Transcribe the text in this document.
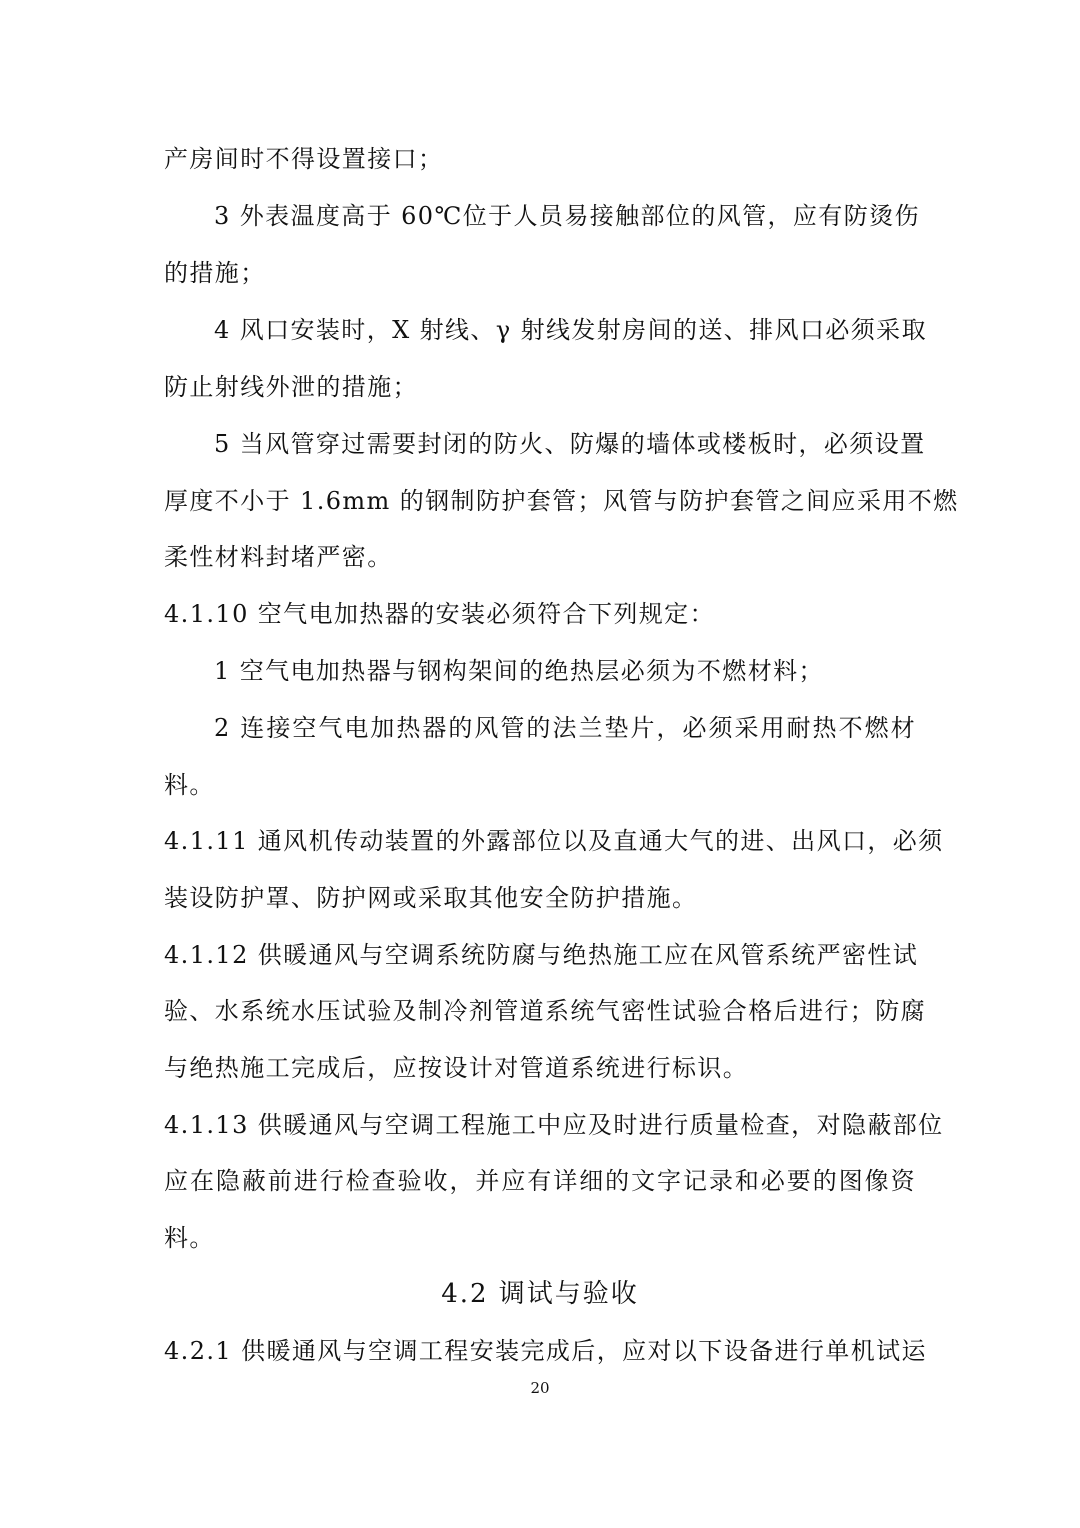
产房间时不得设置接口；
3 外表温度高于 60℃位于人员易接触部位的风管，应有防烫伤
的措施；
4 风口安装时，X 射线、γ 射线发射房间的送、排风口必须采取
防止射线外泄的措施；
5 当风管穿过需要封闭的防火、防爆的墙体或楼板时，必须设置
厚度不小于 1.6mm 的钢制防护套管；风管与防护套管之间应采用不燃
柔性材料封堵严密。
4.1.10 空气电加热器的安装必须符合下列规定：
1 空气电加热器与钢构架间的绝热层必须为不燃材料；
2 连接空气电加热器的风管的法兰垫片，必须采用耐热不燃材
料。
4.1.11 通风机传动装置的外露部位以及直通大气的进、出风口，必须
装设防护罩、防护网或采取其他安全防护措施。
4.1.12 供暖通风与空调系统防腐与绝热施工应在风管系统严密性试
验、水系统水压试验及制冷剂管道系统气密性试验合格后进行；防腐
与绝热施工完成后，应按设计对管道系统进行标识。
4.1.13 供暖通风与空调工程施工中应及时进行质量检查，对隐蔽部位
应在隐蔽前进行检查验收，并应有详细的文字记录和必要的图像资
料。
4.2 调试与验收
4.2.1 供暖通风与空调工程安装完成后，应对以下设备进行单机试运
20
